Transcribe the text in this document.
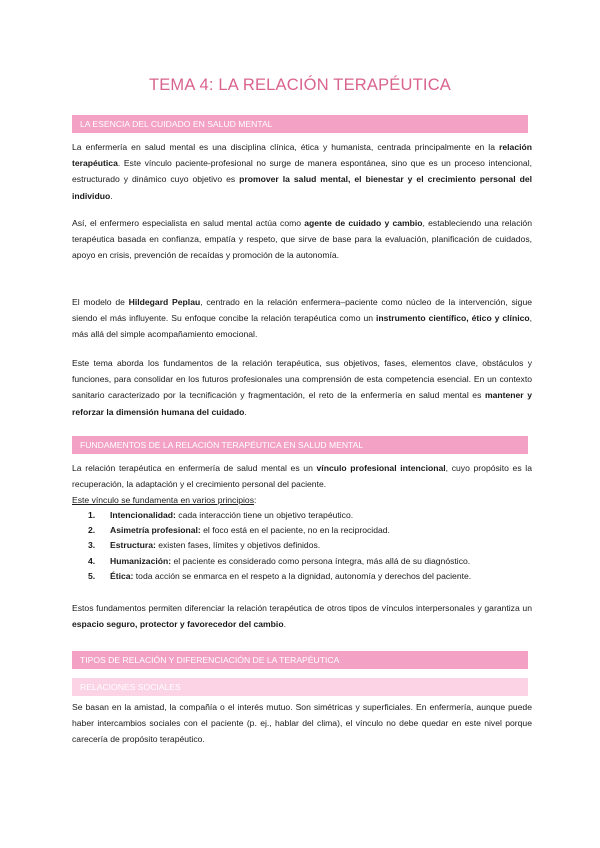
TEMA 4: LA RELACIÓN TERAPÉUTICA
LA ESENCIA DEL CUIDADO EN SALUD MENTAL
La enfermería en salud mental es una disciplina clínica, ética y humanista, centrada principalmente en la relación terapéutica. Este vínculo paciente-profesional no surge de manera espontánea, sino que es un proceso intencional, estructurado y dinámico cuyo objetivo es promover la salud mental, el bienestar y el crecimiento personal del individuo.
Así, el enfermero especialista en salud mental actúa como agente de cuidado y cambio, estableciendo una relación terapéutica basada en confianza, empatía y respeto, que sirve de base para la evaluación, planificación de cuidados, apoyo en crisis, prevención de recaídas y promoción de la autonomía.
El modelo de Hildegard Peplau, centrado en la relación enfermera–paciente como núcleo de la intervención, sigue siendo el más influyente. Su enfoque concibe la relación terapéutica como un instrumento científico, ético y clínico, más allá del simple acompañamiento emocional.
Este tema aborda los fundamentos de la relación terapéutica, sus objetivos, fases, elementos clave, obstáculos y funciones, para consolidar en los futuros profesionales una comprensión de esta competencia esencial. En un contexto sanitario caracterizado por la tecnificación y fragmentación, el reto de la enfermería en salud mental es mantener y reforzar la dimensión humana del cuidado.
FUNDAMENTOS DE LA RELACIÓN TERAPÉUTICA EN SALUD MENTAL
La relación terapéutica en enfermería de salud mental es un vínculo profesional intencional, cuyo propósito es la recuperación, la adaptación y el crecimiento personal del paciente.
Este vínculo se fundamenta en varios principios:
1. Intencionalidad: cada interacción tiene un objetivo terapéutico.
2. Asimetría profesional: el foco está en el paciente, no en la reciprocidad.
3. Estructura: existen fases, límites y objetivos definidos.
4. Humanización: el paciente es considerado como persona íntegra, más allá de su diagnóstico.
5. Ética: toda acción se enmarca en el respeto a la dignidad, autonomía y derechos del paciente.
Estos fundamentos permiten diferenciar la relación terapéutica de otros tipos de vínculos interpersonales y garantiza un espacio seguro, protector y favorecedor del cambio.
TIPOS DE RELACIÓN Y DIFERENCIACIÓN DE LA TERAPÉUTICA
RELACIONES SOCIALES
Se basan en la amistad, la compañía o el interés mutuo. Son simétricas y superficiales. En enfermería, aunque puede haber intercambios sociales con el paciente (p. ej., hablar del clima), el vínculo no debe quedar en este nivel porque carecería de propósito terapéutico.
